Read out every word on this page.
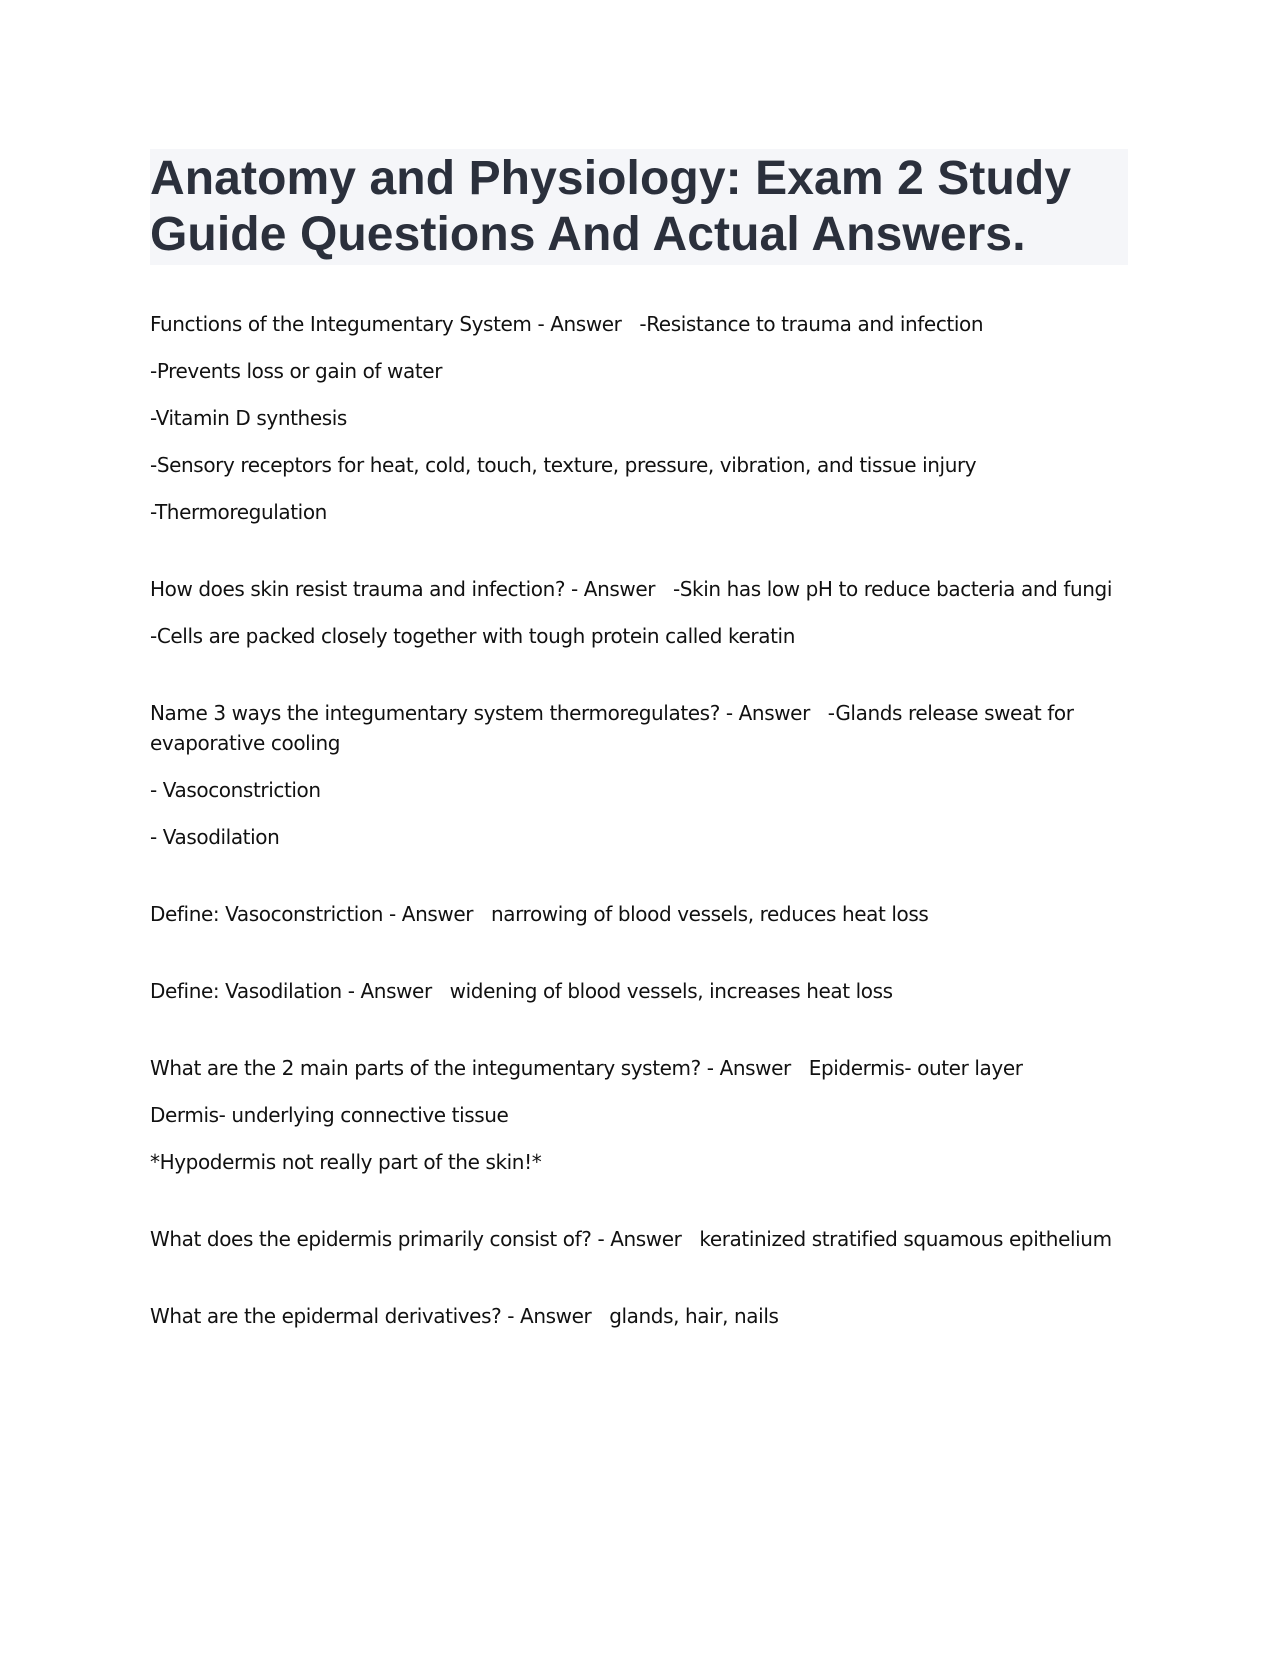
Anatomy and Physiology: Exam 2 Study Guide Questions And Actual Answers.

Functions of the Integumentary System - Answer -Resistance to trauma and infection

-Prevents loss or gain of water

-Vitamin D synthesis

-Sensory receptors for heat, cold, touch, texture, pressure, vibration, and tissue injury

-Thermoregulation

How does skin resist trauma and infection? - Answer -Skin has low pH to reduce bacteria and fungi

-Cells are packed closely together with tough protein called keratin

Name 3 ways the integumentary system thermoregulates? - Answer -Glands release sweat for evaporative cooling

- Vasoconstriction

- Vasodilation

Define: Vasoconstriction - Answer narrowing of blood vessels, reduces heat loss

Define: Vasodilation - Answer widening of blood vessels, increases heat loss

What are the 2 main parts of the integumentary system? - Answer Epidermis- outer layer

Dermis- underlying connective tissue

*Hypodermis not really part of the skin!*

What does the epidermis primarily consist of? - Answer keratinized stratified squamous epithelium

What are the epidermal derivatives? - Answer glands, hair, nails
